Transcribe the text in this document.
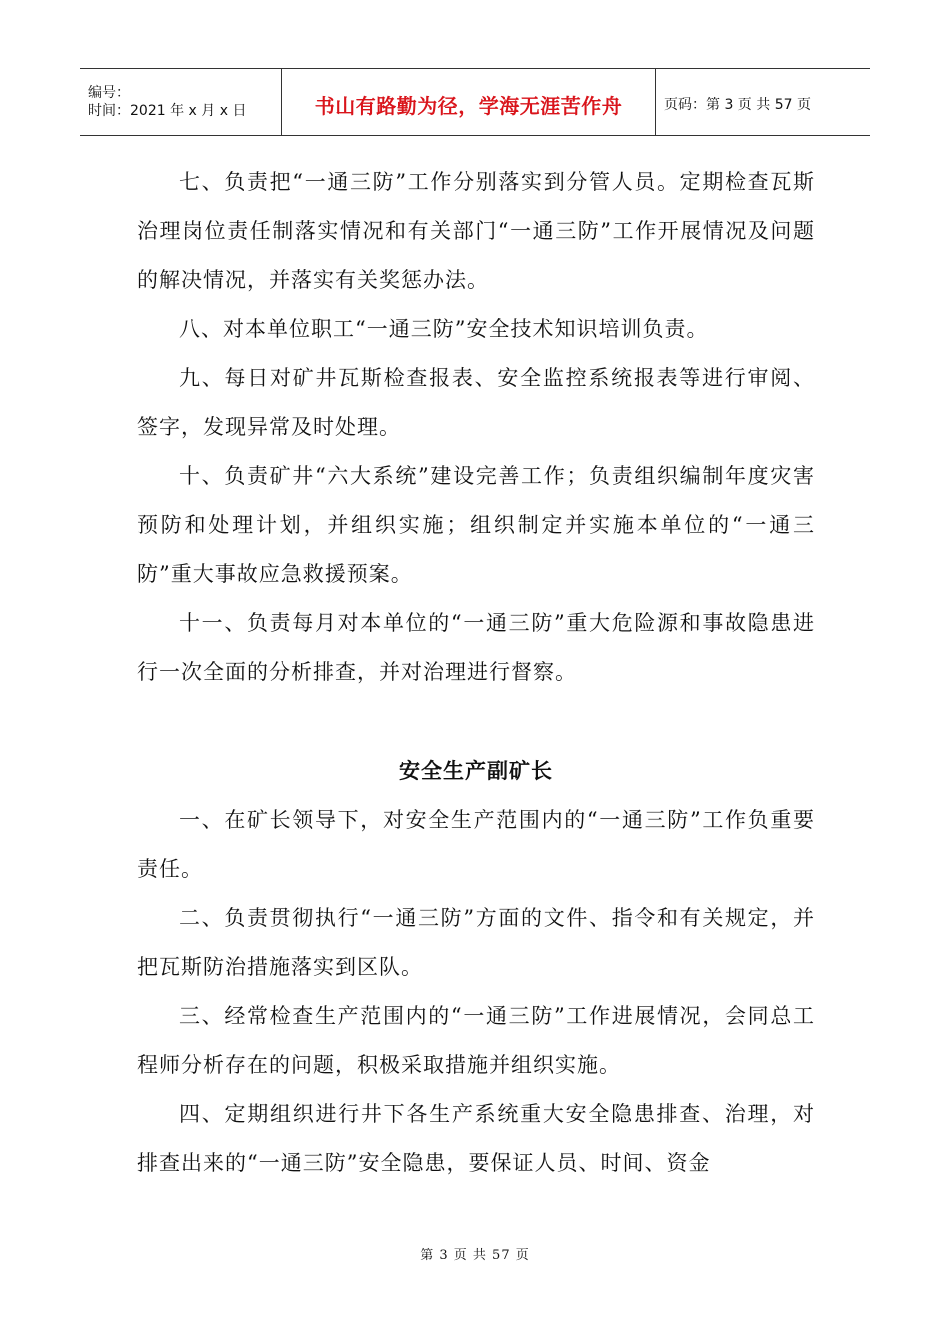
编号：
时间：2021 年 x 月 x 日	书山有路勤为径，学海无涯苦作舟	页码：第 3 页 共 57 页

七、负责把“一通三防”工作分别落实到分管人员。定期检查瓦斯治理岗位责任制落实情况和有关部门“一通三防”工作开展情况及问题的解决情况，并落实有关奖惩办法。

八、对本单位职工“一通三防”安全技术知识培训负责。

九、每日对矿井瓦斯检查报表、安全监控系统报表等进行审阅、签字，发现异常及时处理。

十、负责矿井“六大系统”建设完善工作；负责组织编制年度灾害预防和处理计划，并组织实施；组织制定并实施本单位的“一通三防”重大事故应急救援预案。

十一、负责每月对本单位的“一通三防”重大危险源和事故隐患进行一次全面的分析排查，并对治理进行督察。

安全生产副矿长

一、在矿长领导下，对安全生产范围内的“一通三防”工作负重要责任。

二、负责贯彻执行“一通三防”方面的文件、指令和有关规定，并把瓦斯防治措施落实到区队。

三、经常检查生产范围内的“一通三防”工作进展情况，会同总工程师分析存在的问题，积极采取措施并组织实施。

四、定期组织进行井下各生产系统重大安全隐患排查、治理，对排查出来的“一通三防”安全隐患，要保证人员、时间、资金

第 3 页 共 57 页
